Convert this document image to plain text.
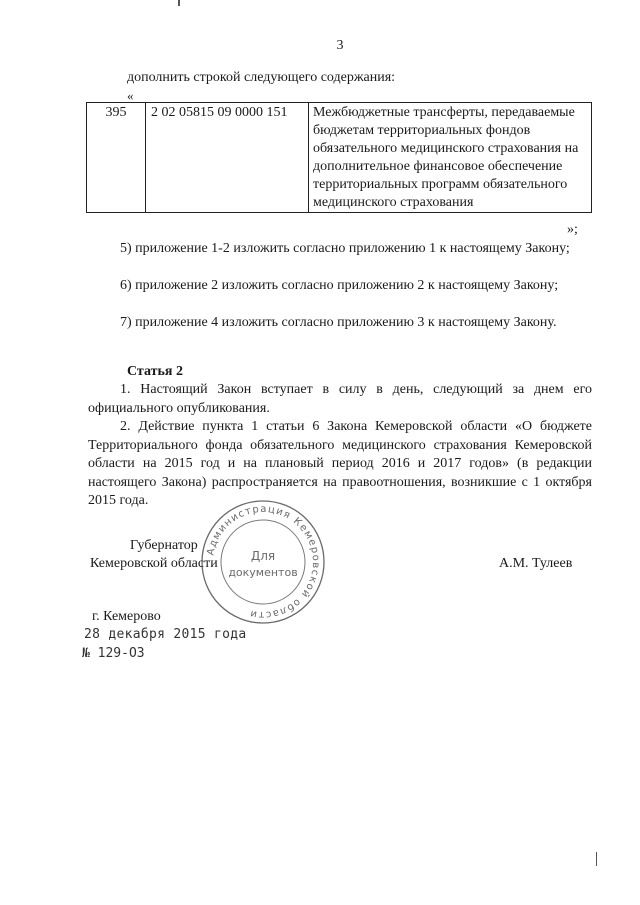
3
дополнить строкой следующего содержания:
«
395	2 02 05815 09 0000 151	Межбюджетные трансферты, передаваемые бюджетам территориальных фондов обязательного медицинского страхования на дополнительное финансовое обеспечение территориальных программ обязательного медицинского страхования
»;

5) приложение 1-2 изложить согласно приложению 1 к настоящему Закону;

6) приложение 2 изложить согласно приложению 2 к настоящему Закону;

7) приложение 4 изложить согласно приложению 3 к настоящему Закону.

Статья 2

1. Настоящий Закон вступает в силу в день, следующий за днем его официального опубликования.

2. Действие пункта 1 статьи 6 Закона Кемеровской области «О бюджете Территориального фонда обязательного медицинского страхования Кемеровской области на 2015 год и на плановый период 2016 и 2017 годов» (в редакции настоящего Закона) распространяется на правоотношения, возникшие с 1 октября 2015 года.

Администрация Кемеровской области
Для
документов
Губернатор
Кемеровской области	А.М. Тулеев
г. Кемерово
28 декабря 2015 года
№ 129-ОЗ
